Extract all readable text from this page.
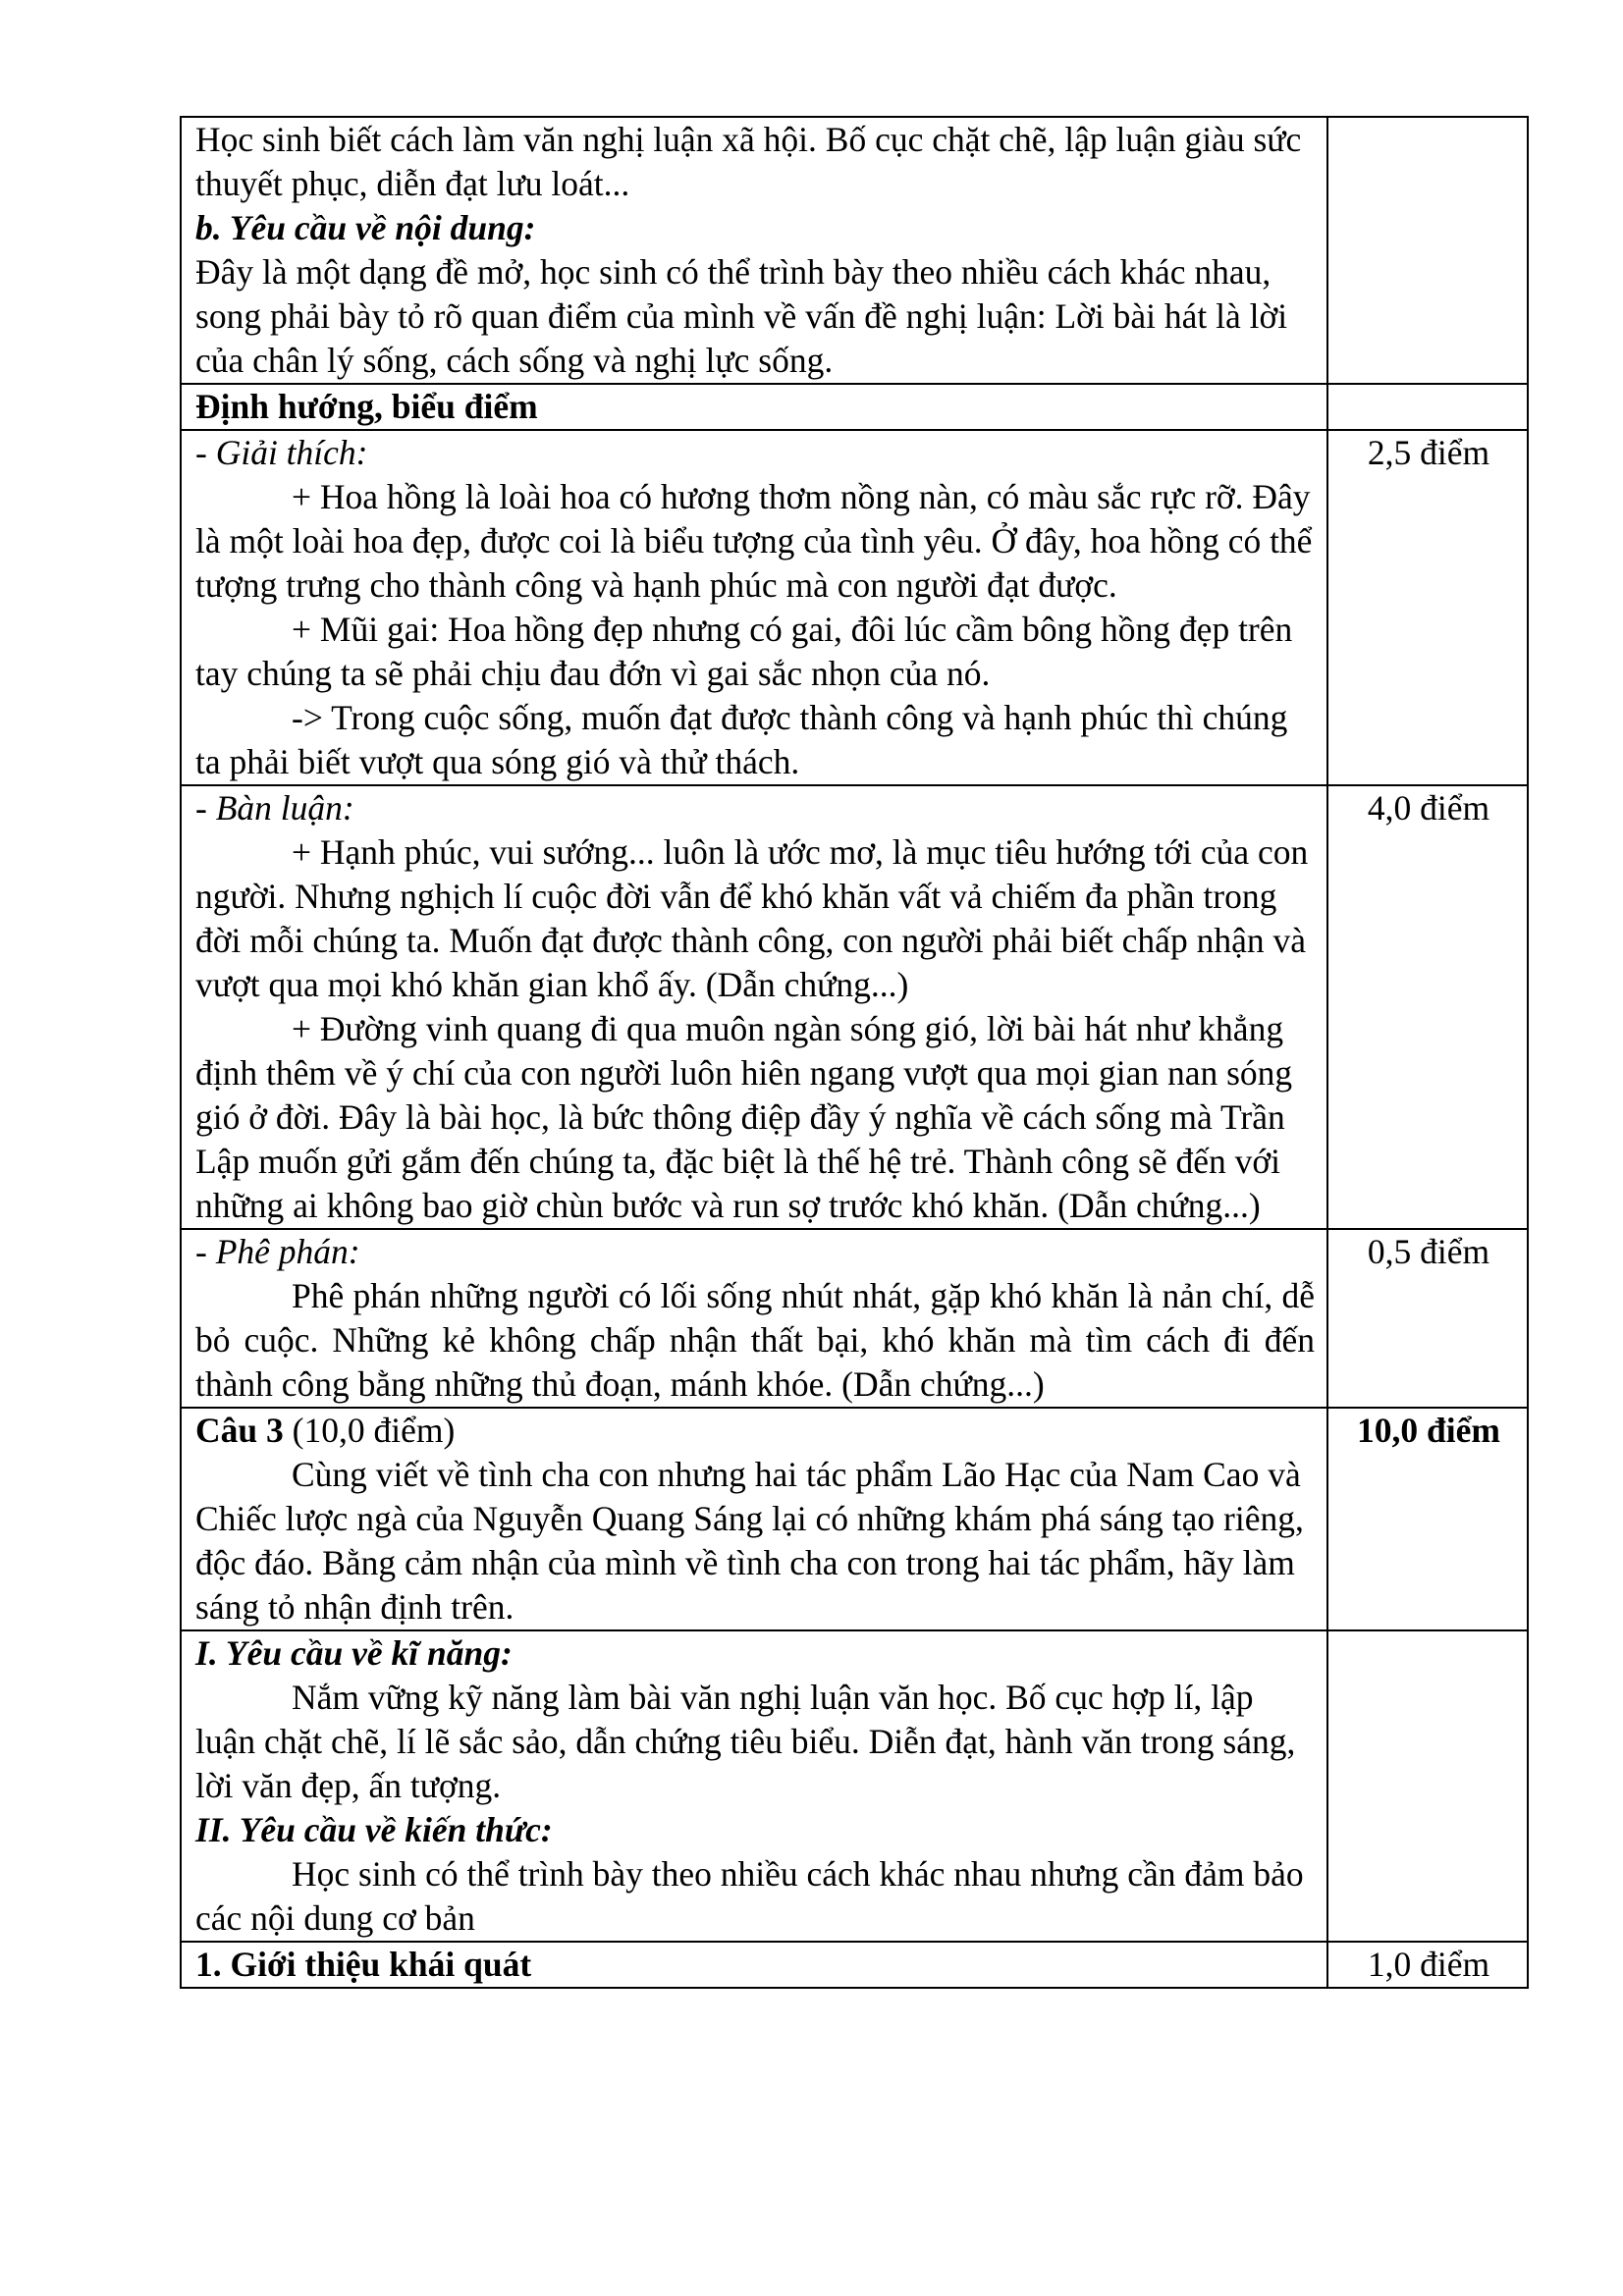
Học sinh biết cách làm văn nghị luận xã hội. Bố cục chặt chẽ, lập luận giàu sức thuyết phục, diễn đạt lưu loát...

b. Yêu cầu về nội dung:

Đây là một dạng đề mở, học sinh có thể trình bày theo nhiều cách khác nhau, song phải bày tỏ rõ quan điểm của mình về vấn đề nghị luận: Lời bài hát là lời của chân lý sống, cách sống và nghị lực sống.	

Định hướng, biểu điểm	

- Giải thích:

+ Hoa hồng là loài hoa có hương thơm nồng nàn, có màu sắc rực rỡ. Đây là một loài hoa đẹp, được coi là biểu tượng của tình yêu. Ở đây, hoa hồng có thể tượng trưng cho thành công và hạnh phúc mà con người đạt được.

+ Mũi gai: Hoa hồng đẹp nhưng có gai, đôi lúc cầm bông hồng đẹp trên tay chúng ta sẽ phải chịu đau đớn vì gai sắc nhọn của nó.

-> Trong cuộc sống, muốn đạt được thành công và hạnh phúc thì chúng ta phải biết vượt qua sóng gió và thử thách.	2,5 điểm

- Bàn luận:

+ Hạnh phúc, vui sướng... luôn là ước mơ, là mục tiêu hướng tới của con người. Nhưng nghịch lí cuộc đời vẫn để khó khăn vất vả chiếm đa phần trong đời mỗi chúng ta. Muốn đạt được thành công, con người phải biết chấp nhận và vượt qua mọi khó khăn gian khổ ấy. (Dẫn chứng...)

+ Đường vinh quang đi qua muôn ngàn sóng gió, lời bài hát như khẳng định thêm về ý chí của con người luôn hiên ngang vượt qua mọi gian nan sóng gió ở đời. Đây là bài học, là bức thông điệp đầy ý nghĩa về cách sống mà Trần Lập muốn gửi gắm đến chúng ta, đặc biệt là thế hệ trẻ. Thành công sẽ đến với những ai không bao giờ chùn bước và run sợ trước khó khăn. (Dẫn chứng...)	4,0 điểm

- Phê phán:

Phê phán những người có lối sống nhút nhát, gặp khó khăn là nản chí, dễ bỏ cuộc. Những kẻ không chấp nhận thất bại, khó khăn mà tìm cách đi đến thành công bằng những thủ đoạn, mánh khóe. (Dẫn chứng...)	0,5 điểm

Câu 3 (10,0 điểm)

Cùng viết về tình cha con nhưng hai tác phẩm Lão Hạc của Nam Cao và Chiếc lược ngà của Nguyễn Quang Sáng lại có những khám phá sáng tạo riêng, độc đáo. Bằng cảm nhận của mình về tình cha con trong hai tác phẩm, hãy làm sáng tỏ nhận định trên.	10,0 điểm

I. Yêu cầu về kĩ năng:

Nắm vững kỹ năng làm bài văn nghị luận văn học. Bố cục hợp lí, lập luận chặt chẽ, lí lẽ sắc sảo, dẫn chứng tiêu biểu. Diễn đạt, hành văn trong sáng, lời văn đẹp, ấn tượng.

II. Yêu cầu về kiến thức:

Học sinh có thể trình bày theo nhiều cách khác nhau nhưng cần đảm bảo các nội dung cơ bản	

1. Giới thiệu khái quát	1,0 điểm
